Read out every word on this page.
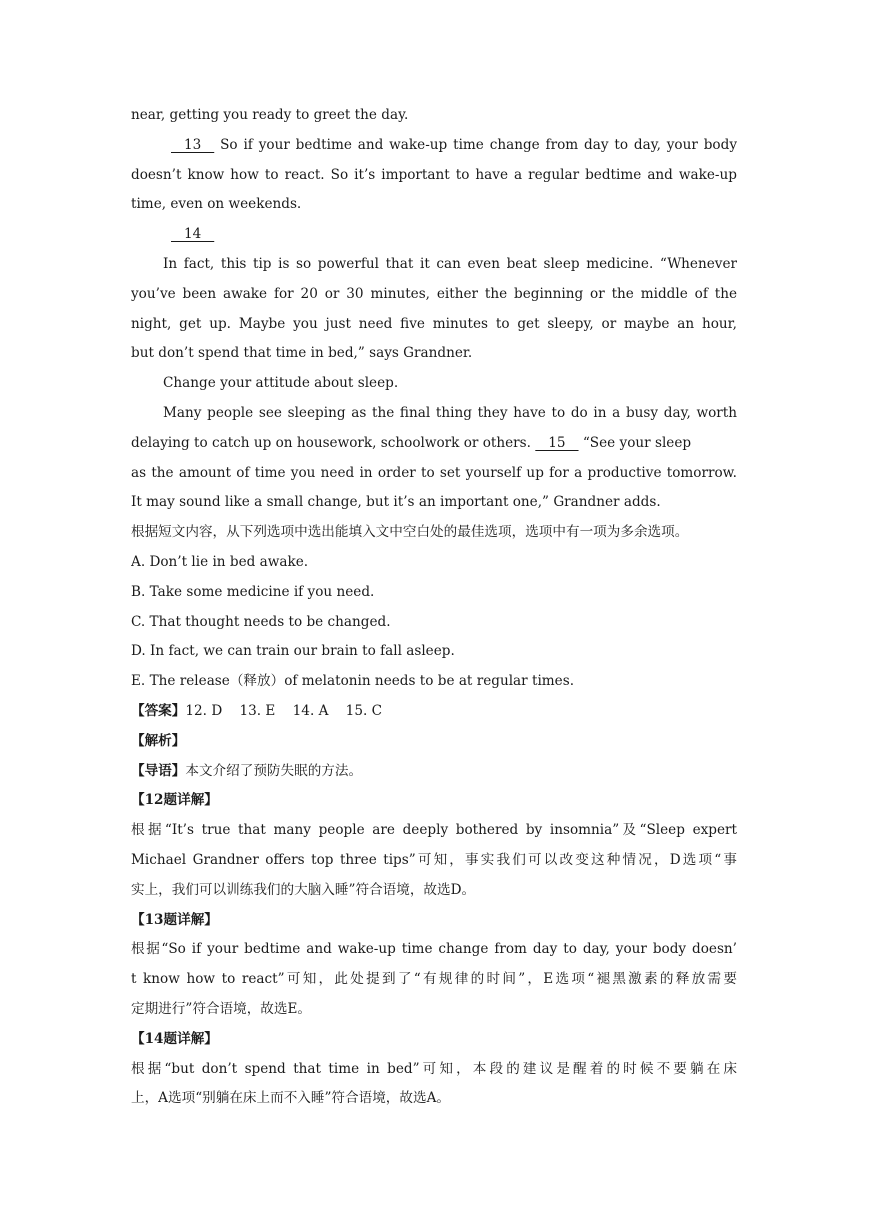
near, getting you ready to greet the day.
13    So if your bedtime and wake-up time change from day to day, your body
doesn’t know how to react. So it’s important to have a regular bedtime and wake-up
time, even on weekends.
14
In fact, this tip is so powerful that it can even beat sleep medicine. “Whenever
you’ve been awake for 20 or 30 minutes, either the beginning or the middle of the
night, get up. Maybe you just need five minutes to get sleepy, or maybe an hour,
but don’t spend that time in bed,” says Grandner.
Change your attitude about sleep.
Many people see sleeping as the final thing they have to do in a busy day, worth
delaying to catch up on housework, schoolwork or others.    15    “See your sleep
as the amount of time you need in order to set yourself up for a productive tomorrow.
It may sound like a small change, but it’s an important one,” Grandner adds.
根据短文内容，从下列选项中选出能填入文中空白处的最佳选项，选项中有一项为多余选项。
A. Don’t lie in bed awake.
B. Take some medicine if you need.
C. That thought needs to be changed.
D. In fact, we can train our brain to fall asleep.
E. The release（释放）of melatonin needs to be at regular times.
【答案】12. D    13. E    14. A    15. C
【解析】
【导语】本文介绍了预防失眠的方法。
【12题详解】
根据“It’s true that many people are deeply bothered by insomnia”及“Sleep expert
Michael Grandner offers top three tips”可知，事实我们可以改变这种情况，D选项“事
实上，我们可以训练我们的大脑入睡”符合语境，故选D。
【13题详解】
根据“So if your bedtime and wake-up time change from day to day, your body doesn’
t know how to react”可知，此处提到了“有规律的时间”，E选项“褪黑激素的释放需要
定期进行”符合语境，故选E。
【14题详解】
根据“but don’t spend that time in bed”可知，本段的建议是醒着的时候不要躺在床
上，A选项“别躺在床上而不入睡”符合语境，故选A。
